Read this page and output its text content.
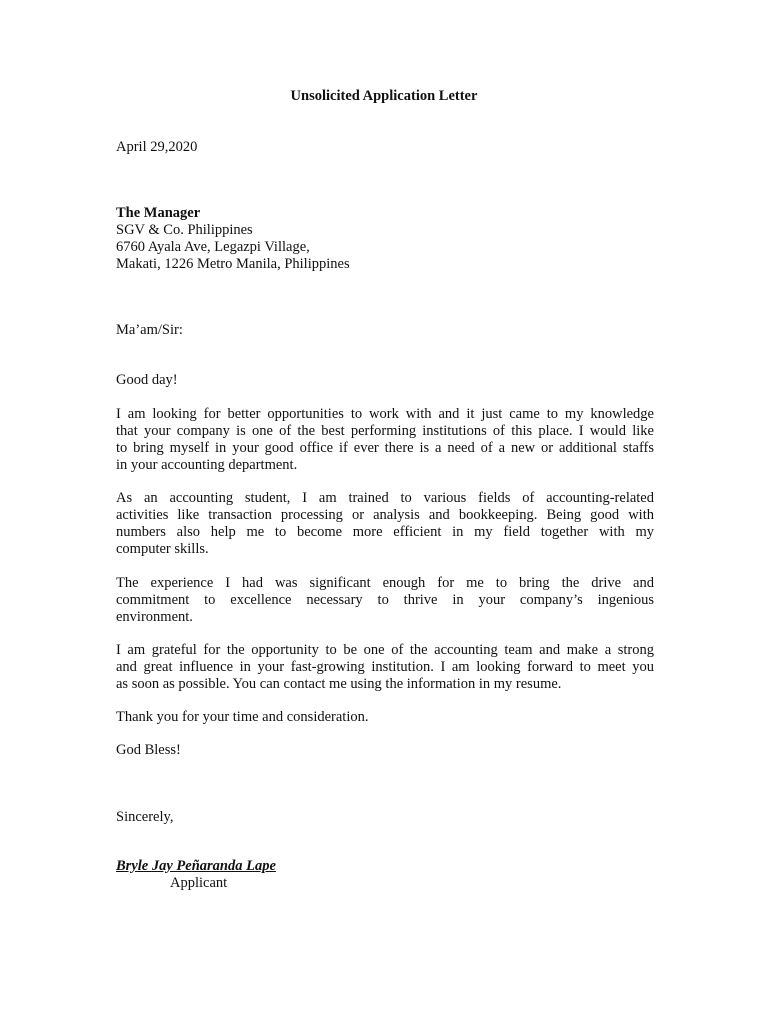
Unsolicited Application Letter
April 29,2020
The Manager
SGV & Co. Philippines
6760 Ayala Ave, Legazpi Village,
Makati, 1226 Metro Manila, Philippines
Ma’am/Sir:
Good day!
I am looking for better opportunities to work with and it just came to my knowledge
that your company is one of the best performing institutions of this place. I would like
to bring myself in your good office if ever there is a need of a new or additional staffs
in your accounting department.
As an accounting student, I am trained to various fields of accounting-related
activities like transaction processing or analysis and bookkeeping. Being good with
numbers also help me to become more efficient in my field together with my
computer skills.
The experience I had was significant enough for me to bring the drive and
commitment to excellence necessary to thrive in your company’s ingenious
environment.
I am grateful for the opportunity to be one of the accounting team and make a strong
and great influence in your fast-growing institution. I am looking forward to meet you
as soon as possible. You can contact me using the information in my resume.
Thank you for your time and consideration.
God Bless!
Sincerely,
Bryle Jay Peñaranda Lape
Applicant
